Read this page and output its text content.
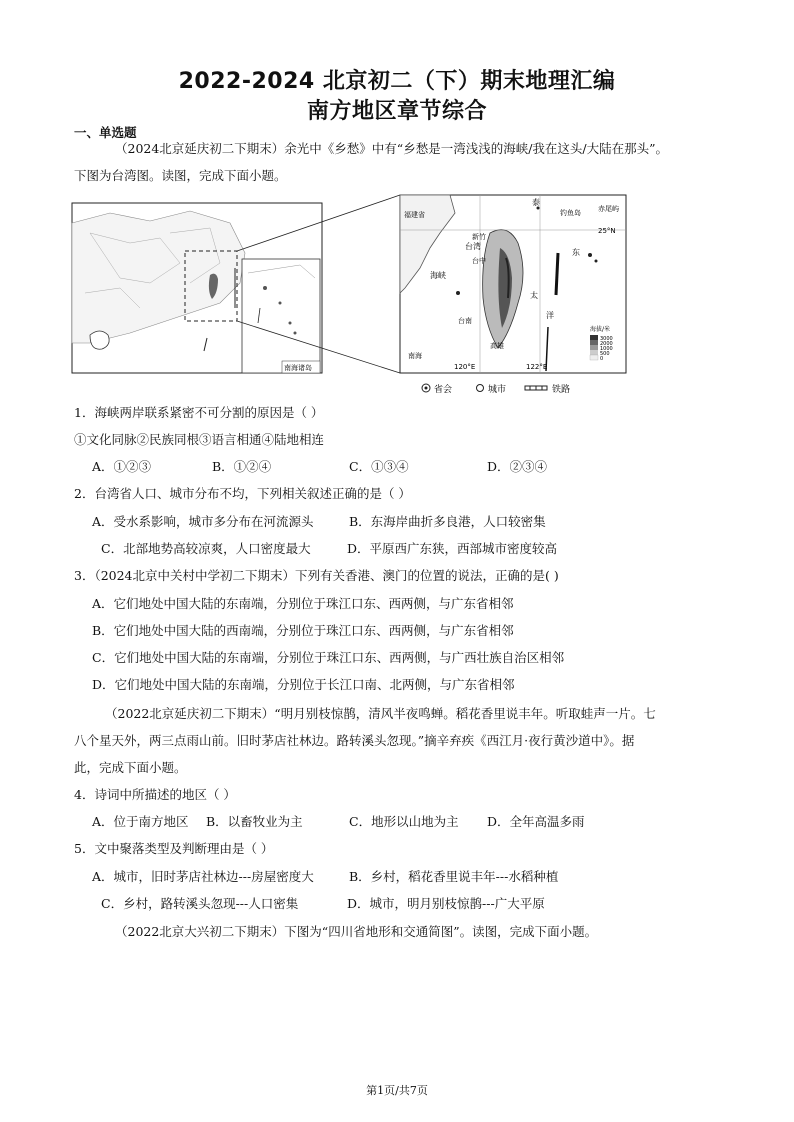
2022-2024 北京初二（下）期末地理汇编
南方地区章节综合
一、单选题
（2024北京延庆初二下期末）余光中《乡愁》中有“乡愁是一湾浅浅的海峡/我在这头/大陆在那头”。
下图为台湾图。读图，完成下面小题。
南海诸岛
福建省
泰
钓鱼岛 赤尾屿
25°N
台湾
海峡
新竹
台中
东
台南
高雄
太
洋
海拔/米
南海
120°E	122°E
3000
2000
1000
500
0
省会	城市	铁路
1．海峡两岸联系紧密不可分割的原因是（ ）
①文化同脉②民族同根③语言相通④陆地相连
A．①②③	B．①②④	C．①③④	D．②③④
2．台湾省人口、城市分布不均，下列相关叙述正确的是（ ）
A．受水系影响，城市多分布在河流源头	B．东海岸曲折多良港，人口较密集
C．北部地势高较凉爽，人口密度最大	D．平原西广东狭，西部城市密度较高
3．（2024北京中关村中学初二下期末）下列有关香港、澳门的位置的说法，正确的是( )
A．它们地处中国大陆的东南端，分别位于珠江口东、西两侧，与广东省相邻
B．它们地处中国大陆的西南端，分别位于珠江口东、西两侧，与广东省相邻
C．它们地处中国大陆的东南端，分别位于珠江口东、西两侧，与广西壮族自治区相邻
D．它们地处中国大陆的东南端，分别位于长江口南、北两侧，与广东省相邻
（2022北京延庆初二下期末）“明月别枝惊鹊，清风半夜鸣蝉。稻花香里说丰年。听取蛙声一片。七
八个星天外，两三点雨山前。旧时茅店社林边。路转溪头忽现。”摘辛弃疾《西江月·夜行黄沙道中》。据
此，完成下面小题。
4．诗词中所描述的地区（ ）
A．位于南方地区 B．以畜牧业为主	C．地形以山地为主 D．全年高温多雨
5．文中聚落类型及判断理由是（ ）
A．城市，旧时茅店社林边---房屋密度大	B．乡村，稻花香里说丰年---水稻种植
C．乡村，路转溪头忽现---人口密集	D．城市，明月别枝惊鹊---广大平原
（2022北京大兴初二下期末）下图为“四川省地形和交通简图”。读图，完成下面小题。
第1页/共7页
